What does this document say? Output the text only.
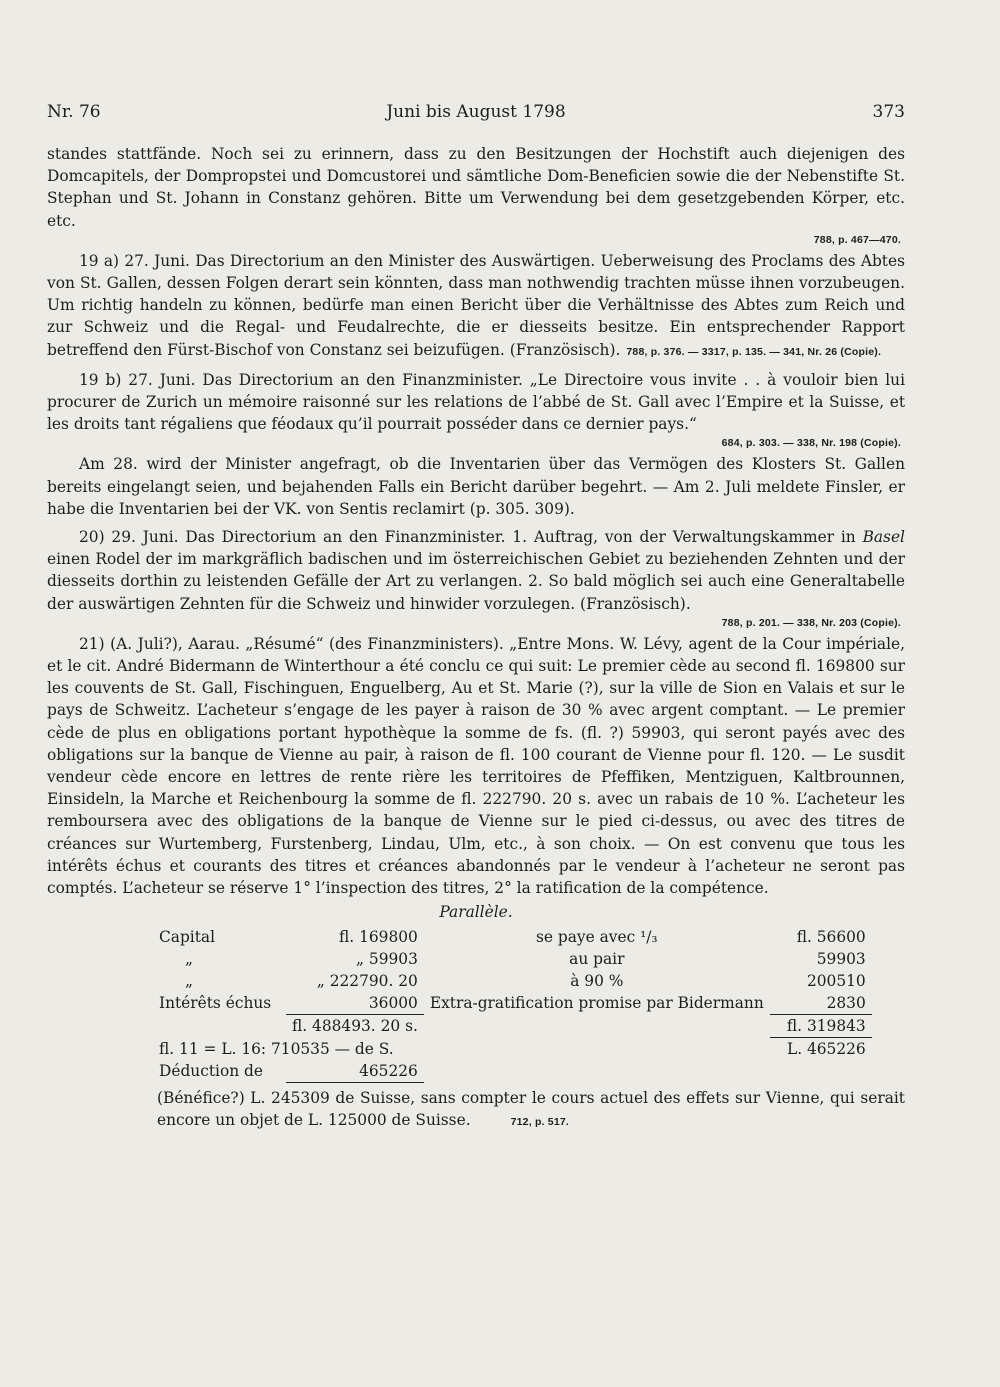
Nr. 76	Juni bis August 1798	373

standes stattfände. Noch sei zu erinnern, dass zu den Besitzungen der Hochstift auch diejenigen des Domcapitels, der Dompropstei und Domcustorei und sämtliche Dom-Beneficien sowie die der Nebenstifte St. Stephan und St. Johann in Constanz gehören. Bitte um Verwendung bei dem gesetzgebenden Körper, etc. etc.

788, p. 467—470.

19 a) 27. Juni. Das Directorium an den Minister des Auswärtigen. Ueberweisung des Proclams des Abtes von St. Gallen, dessen Folgen derart sein könnten, dass man nothwendig trachten müsse ihnen vorzubeugen. Um richtig handeln zu können, bedürfe man einen Bericht über die Verhältnisse des Abtes zum Reich und zur Schweiz und die Regal- und Feudalrechte, die er diesseits besitze. Ein entsprechender Rapport betreffend den Fürst-Bischof von Constanz sei beizufügen. (Französisch). 788, p. 376. — 3317, p. 135. — 341, Nr. 26 (Copie).

19 b) 27. Juni. Das Directorium an den Finanzminister. „Le Directoire vous invite . . à vouloir bien lui procurer de Zurich un mémoire raisonné sur les relations de l’abbé de St. Gall avec l’Empire et la Suisse, et les droits tant régaliens que féodaux qu’il pourrait posséder dans ce dernier pays.“

684, p. 303. — 338, Nr. 198 (Copie).

Am 28. wird der Minister angefragt, ob die Inventarien über das Vermögen des Klosters St. Gallen bereits eingelangt seien, und bejahenden Falls ein Bericht darüber begehrt. — Am 2. Juli meldete Finsler, er habe die Inventarien bei der VK. von Sentis reclamirt (p. 305. 309).

20) 29. Juni. Das Directorium an den Finanzminister. 1. Auftrag, von der Verwaltungskammer in Basel einen Rodel der im markgräflich badischen und im österreichischen Gebiet zu beziehenden Zehnten und der diesseits dorthin zu leistenden Gefälle der Art zu verlangen. 2. So bald möglich sei auch eine Generaltabelle der auswärtigen Zehnten für die Schweiz und hinwider vorzulegen. (Französisch).

788, p. 201. — 338, Nr. 203 (Copie).

21) (A. Juli?), Aarau. „Résumé“ (des Finanzministers). „Entre Mons. W. Lévy, agent de la Cour impériale, et le cit. André Bidermann de Winterthour a été conclu ce qui suit: Le premier cède au second fl. 169800 sur les couvents de St. Gall, Fischinguen, Enguelberg, Au et St. Marie (?), sur la ville de Sion en Valais et sur le pays de Schweitz. L’acheteur s’engage de les payer à raison de 30 % avec argent comptant. — Le premier cède de plus en obligations portant hypothèque la somme de fs. (fl. ?) 59903, qui seront payés avec des obligations sur la banque de Vienne au pair, à raison de fl. 100 courant de Vienne pour fl. 120. — Le susdit vendeur cède encore en lettres de rente rière les territoires de Pfeffiken, Mentziguen, Kaltbrounnen, Einsideln, la Marche et Reichenbourg la somme de fl. 222790. 20 s. avec un rabais de 10 %. L’acheteur les remboursera avec des obligations de la banque de Vienne sur le pied ci-dessus, ou avec des titres de créances sur Wurtemberg, Furstenberg, Lindau, Ulm, etc., à son choix. — On est convenu que tous les intérêts échus et courants des titres et créances abandonnés par le vendeur à l’acheteur ne seront pas comptés. L’acheteur se réserve 1° l’inspection des titres, 2° la ratification de la compétence.

Parallèle.

Capital	fl. 169800	se paye avec ¹/₃	fl. 56600
„	„ 59903	au pair	59903
„	„ 222790. 20	à 90 %	200510
Intérêts échus	36000	Extra-gratification promise par Bidermann	2830
	fl. 488493. 20 s.		fl. 319843
fl. 11 = L. 16: 710535 — de S.			L. 465226
Déduction de	465226		

(Bénéfice?) L. 245309 de Suisse, sans compter le cours actuel des effets sur Vienne, qui serait encore un objet de L. 125000 de Suisse.	712, p. 517.
